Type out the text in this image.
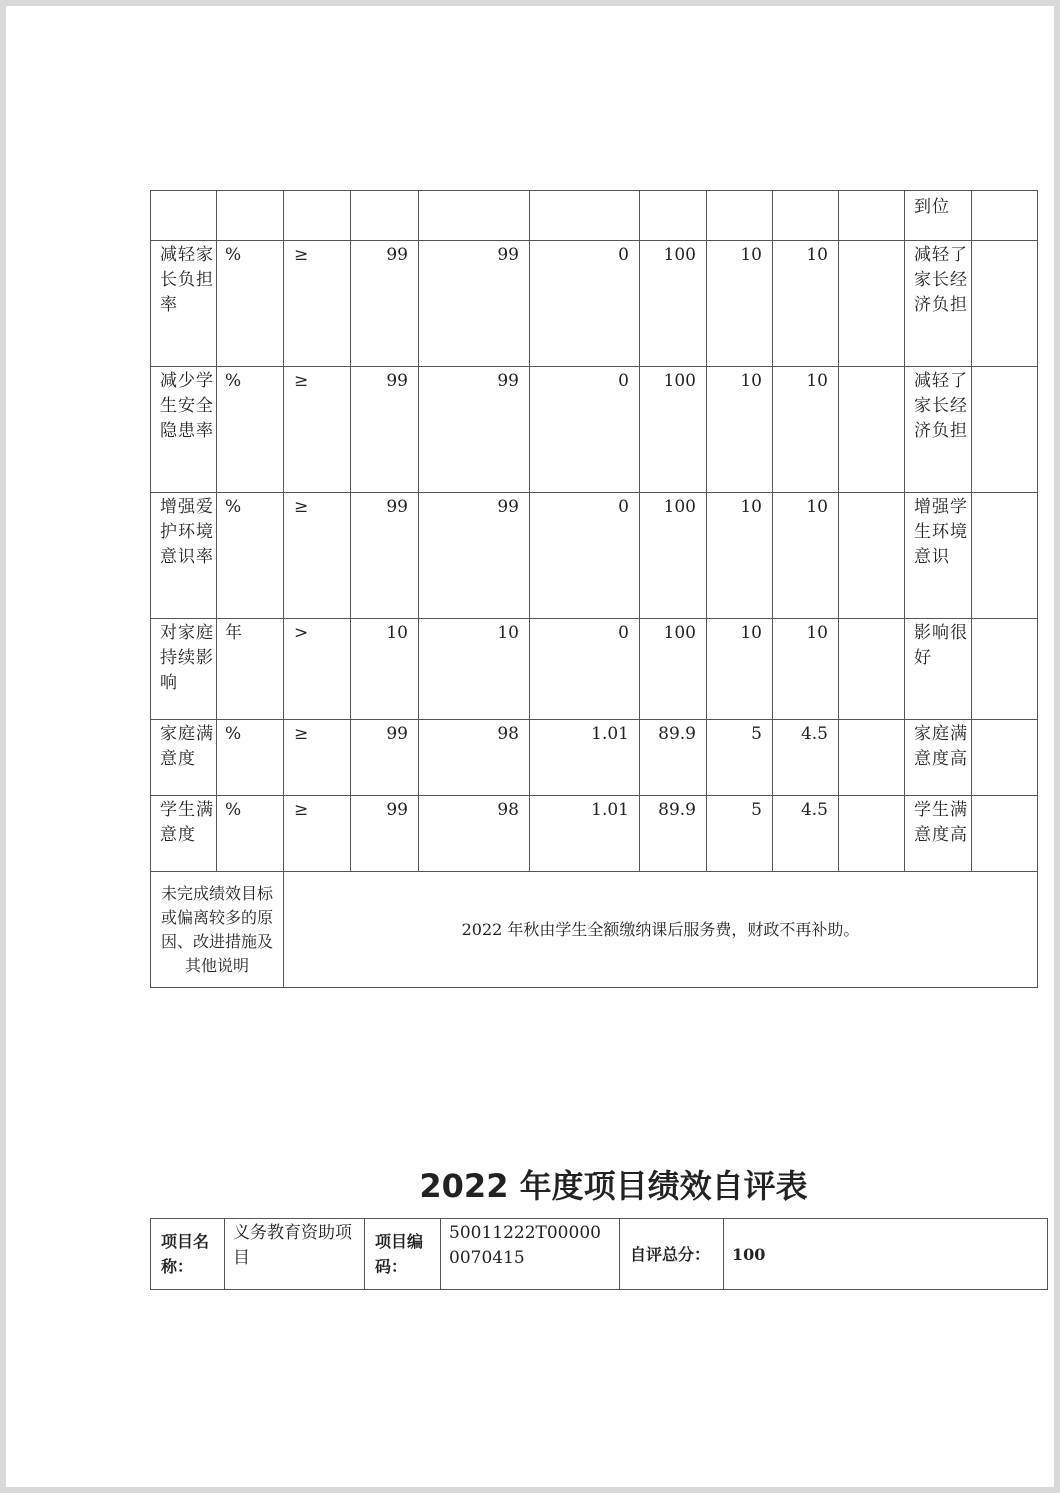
										到位	
减轻家长负担率	%	≥	99	99	0	100	10	10		减轻了家长经济负担	
减少学生安全隐患率	%	≥	99	99	0	100	10	10		减轻了家长经济负担	
增强爱护环境意识率	%	≥	99	99	0	100	10	10		增强学生环境意识	
对家庭持续影响	年	>	10	10	0	100	10	10		影响很好	
家庭满意度	%	≥	99	98	1.01	89.9	5	4.5		家庭满意度高	
学生满意度	%	≥	99	98	1.01	89.9	5	4.5		学生满意度高	
未完成绩效目标或偏离较多的原因、改进措施及其他说明		2022 年秋由学生全额缴纳课后服务费，财政不再补助。									
2022 年度项目绩效自评表
项目名称：	义务教育资助项目	项目编码：	50011222T000000070415	自评总分：	100
